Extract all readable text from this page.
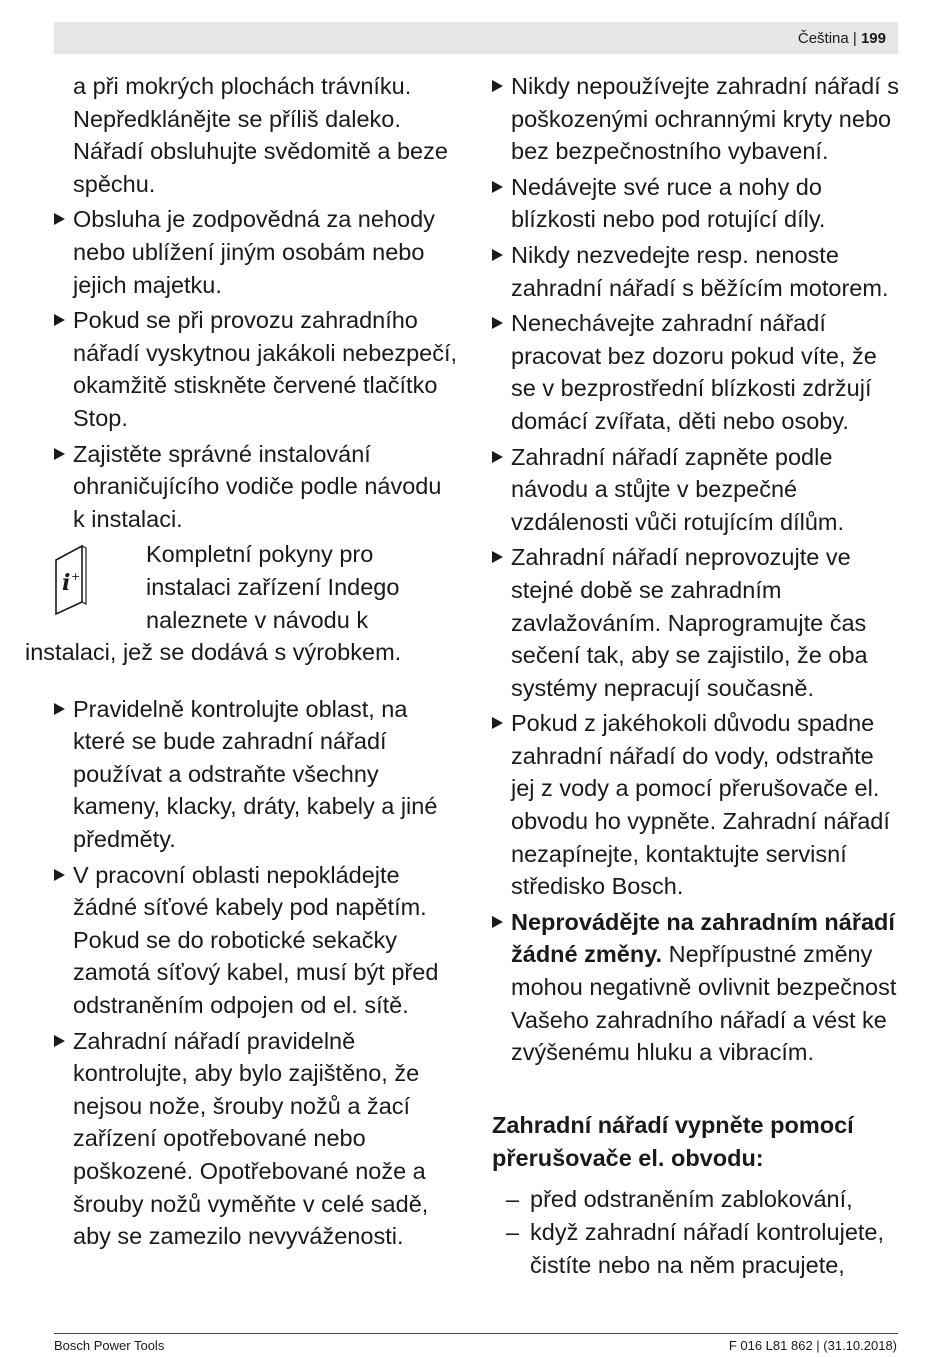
Čeština | 199

a při mokrých plochách trávníku. Nepředklánějte se příliš daleko. Nářadí obsluhujte svědomitě a beze spěchu.

Obsluha je zodpovědná za nehody nebo ublížení jiným osobám nebo jejich majetku.

Pokud se při provozu zahradního nářadí vyskytnou jakákoli nebezpečí, okamžitě stiskněte červené tlačítko Stop.

Zajistěte správné instalování ohraničujícího vodiče podle návodu k instalaci.

i +
Kompletní pokyny pro
instalaci zařízení Indego
naleznete v návodu k
instalaci, jež se dodává s výrobkem.

Pravidelně kontrolujte oblast, na které se bude zahradní nářadí používat a odstraňte všechny kameny, klacky, dráty, kabely a jiné předměty.

V pracovní oblasti nepokládejte žádné síťové kabely pod napětím. Pokud se do robotické sekačky zamotá síťový kabel, musí být před odstraněním odpojen od el. sítě.

Zahradní nářadí pravidelně kontrolujte, aby bylo zajištěno, že nejsou nože, šrouby nožů a žací zařízení opotřebované nebo poškozené. Opotřebované nože a šrouby nožů vyměňte v celé sadě, aby se zamezilo nevyváženosti.

Nikdy nepoužívejte zahradní nářadí s poškozenými ochrannými kryty nebo bez bezpečnostního vybavení.

Nedávejte své ruce a nohy do blízkosti nebo pod rotující díly.

Nikdy nezvedejte resp. nenoste zahradní nářadí s běžícím motorem.

Nenechávejte zahradní nářadí pracovat bez dozoru pokud víte, že se v bezprostřední blízkosti zdržují domácí zvířata, děti nebo osoby.

Zahradní nářadí zapněte podle návodu a stůjte v bezpečné vzdálenosti vůči rotujícím dílům.

Zahradní nářadí neprovozujte ve stejné době se zahradním zavlažováním. Naprogramujte čas sečení tak, aby se zajistilo, že oba systémy nepracují současně.

Pokud z jakéhokoli důvodu spadne zahradní nářadí do vody, odstraňte jej z vody a pomocí přerušovače el. obvodu ho vypněte. Zahradní nářadí nezapínejte, kontaktujte servisní středisko Bosch.

Neprovádějte na zahradním nářadí žádné změny. Nepřípustné změny mohou negativně ovlivnit bezpečnost Vašeho zahradního nářadí a vést ke zvýšenému hluku a vibracím.

Zahradní nářadí vypněte pomocí přerušovače el. obvodu:
– před odstraněním zablokování,
– když zahradní nářadí kontrolujete, čistíte nebo na něm pracujete,
Bosch Power Tools	F 016 L81 862 | (31.10.2018)
